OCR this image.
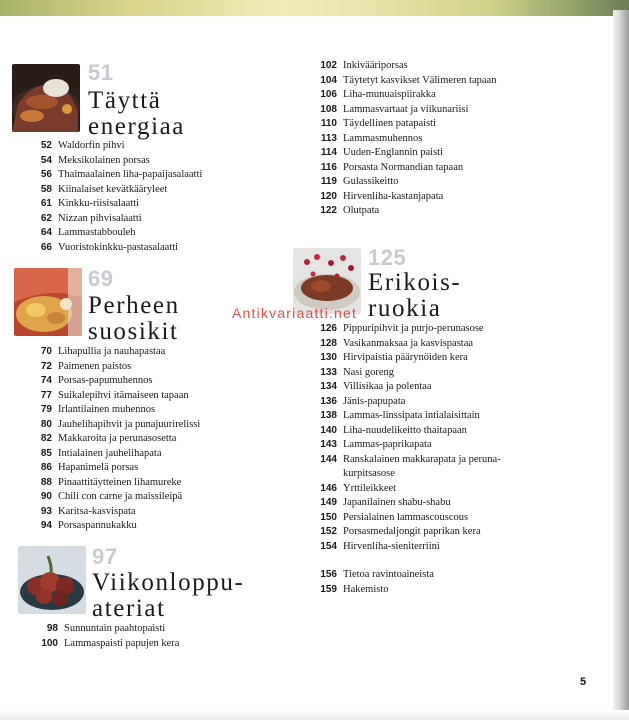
51
Täyttä
energiaa
52 Waldorfin pihvi
54 Meksikolainen porsas
56 Thaimaalainen liha-papaijasalaatti
58 Kiinalaiset kevätkääryleet
61 Kinkku-riisisalaatti
62 Nizzan pihvisalaatti
64 Lammastabbouleh
66 Vuoristokinkku-pastasalaatti
69
Perheen
suosikit
70 Lihapullia ja nauhapastaa
72 Paimenen paistos
74 Porsas-papumuhennos
77 Suikalepihvi itämaiseen tapaan
79 Irlantilainen muhennos
80 Jauhelihapihvit ja punajuurirelissi
82 Makkaroita ja perunasosetta
85 Intialainen jauhelihapata
86 Hapanimelä porsas
88 Pinaattitäytteinen lihamureke
90 Chili con carne ja maissileipä
93 Karitsa-kasvispata
94 Porsaspannukakku
97
Viikonloppu-
ateriat
98 Sunnuntain paahtopaisti
100 Lammaspaisti papujen kera
102 Inkivääriporsas
104 Täytetyt kasvikset Välimeren tapaan
106 Liha-munuaispiirakka
108 Lammasvartaat ja viikunariisi
110 Täydellinen patapaisti
113 Lammasmuhennos
114 Uuden-Englannin paisti
116 Porsasta Normandian tapaan
119 Gulassikeitto
120 Hirvenliha-kastanjapata
122 Olutpata
125
Erikois-
ruokia
126 Pippuripihvit ja purjo-perunasose
128 Vasikanmaksaa ja kasvispastaa
130 Hirvipaistia päärynöiden kera
133 Nasi goreng
134 Villisikaa ja polentaa
136 Jänis-papupata
138 Lammas-linssipata intialaisittain
140 Liha-nuudelikeitto thaitapaan
143 Lammas-paprikapata
144 Ranskalainen makkarapata ja peruna-
kurpitsasose
146 Yrttileikkeet
149 Japanilainen shabu-shabu
150 Persialainen lammascouscous
152 Porsasmedaljongit paprikan kera
154 Hirvenliha-sieniterriini
156 Tietoa ravintoaineista
159 Hakemisto
Antikvariaatti.net
5
